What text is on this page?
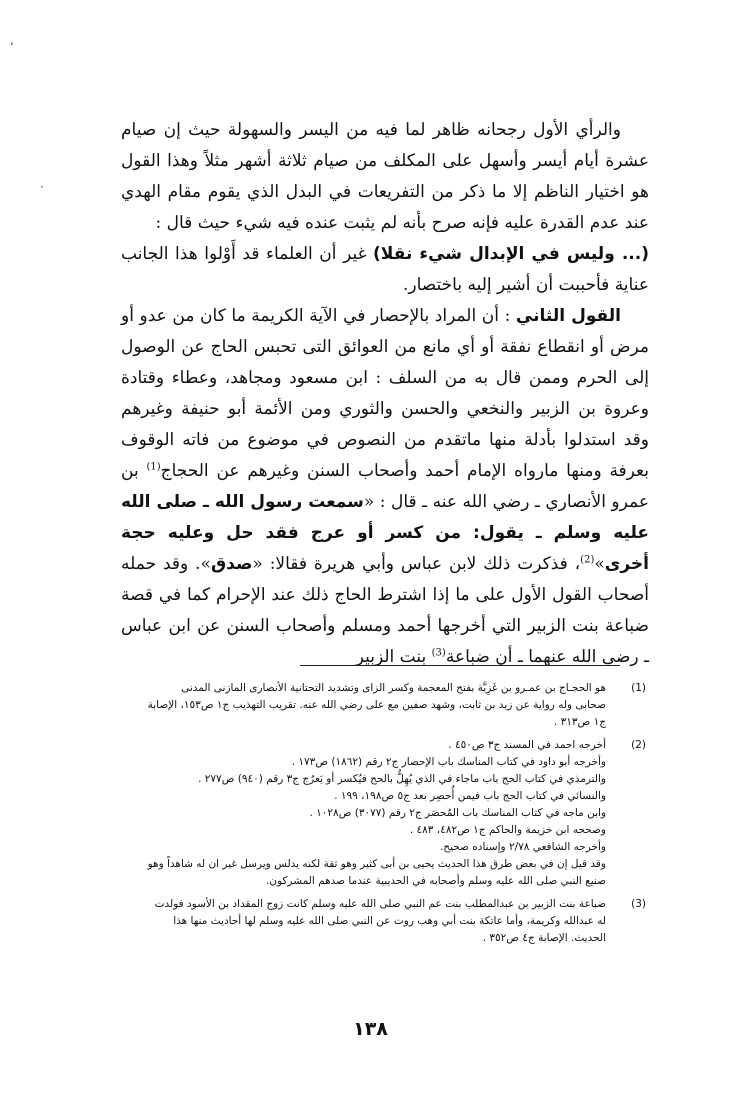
‘
·

والرأي الأول رجحانه ظاهر لما فيه من اليسر والسهولة حيث إن صيام عشرة أيام أيسر وأسهل على المكلف من صيام ثلاثة أشهر مثلاً وهذا القول هو اختيار الناظم إلا ما ذكر من التفريعات في البدل الذي يقوم مقام الهدي عند عدم القدرة عليه فإنه صرح بأنه لم يثبت عنده فيه شيء حيث قال :

(... وليس في الإبدال شيء نقلا) غير أن العلماء قد أَوْلوا هذا الجانب عناية فأحببت أن أشير إليه باختصار.

القول الثاني : أن المراد بالإحصار في الآية الكريمة ما كان من عدو أو مرض أو انقطاع نفقة أو أي مانع من العوائق التى تحبس الحاج عن الوصول إلى الحرم وممن قال به من السلف : ابن مسعود ومجاهد، وعطاء وقتادة وعروة بن الزبير والنخعي والحسن والثوري ومن الأئمة أبو حنيفة وغيرهم وقد استدلوا بأدلة منها ماتقدم من النصوص في موضوع من فاته الوقوف بعرفة ومنها مارواه الإمام أحمد وأصحاب السنن وغيرهم عن الحجاج$^{(1)}$ بن عمرو الأنصاري ـ رضي الله عنه ـ قال : «سمعت رسول الله ـ صلى الله عليه وسلم ـ يقول: من كسر أو عرج فقد حل وعليه حجة أخرى»$^{(2)}$، فذكرت ذلك لابن عباس وأبي هريرة فقالا: «صدق». وقد حمله أصحاب القول الأول على ما إذا اشترط الحاج ذلك عند الإحرام كما في قصة ضباعة بنت الزبير التي أخرجها أحمد ومسلم وأصحاب السنن عن ابن عباس ـ رضى الله عنهما ـ أن ضباعة$^{(3)}$ بنت الزبير

(1)
هو الحجـاج بن عمـرو بن غَزِيَّة بفتح المعجمة وكسر الزاى وتشديد التحتانية الأنصارى المازنى المدنى
صحابى وله رواية عن زيد بن ثابت، وشهد صفين مع على رضي الله عنه. تقريب التهذيب ج١ ص١٥٣، الإصابة
ج١ ص٣١٣ .
(2)
أخرجه احمد في المسند ج٣ ص٤٥٠ .
وأخرجه أبو داود في كتاب المناسك باب الإحصار ج٢ رقم (١٨٦٢) ص١٧٣ .
والترمذي في كتاب الحج باب ماجاء في الذي يُهِلُّ بالحج فيُكسر أو يَعرُج ج٣ رقم (٩٤٠) ص٢٧٧ .
والنسائي في كتاب الحج باب فيمن أُحصِر بعد ج٥ ص١٩٨، ١٩٩ .
وابن ماجه في كتاب المناسك باب المُحصَر ج٢ رقم (٣٠٧٧) ص١٠٢٨ .
وصححه ابن خزيمة والحاكم ج١ ص٤٨٢، ٤٨٣ .
وأخرجه الشافعي ٢/٧٨ وإسناده صحيح.
وقد قيل إن في بعض طرق هذا الحديث يحيى بن أبى كثير وهو ثقة لكنه يدلس ويرسل غير ان له شاهداً وهو
صنيع النبي صلى الله عليه وسلم وأصحابه في الحديبية عندما صدهم المشركون.
(3)
ضباعة بنت الزبير بن عبدالمطلب بنت عم النبي صلى الله عليه وسلم كانت زوج المقداد بن الأسود فولدت
له عبدالله وكريمة، وأما عاتكة بنت أبي وهب روت عن النبي صلى الله عليه وسلم لها أحاديث منها هذا
الحديث. الإصابة ج٤ ص٣٥٢ .
١٣٨
